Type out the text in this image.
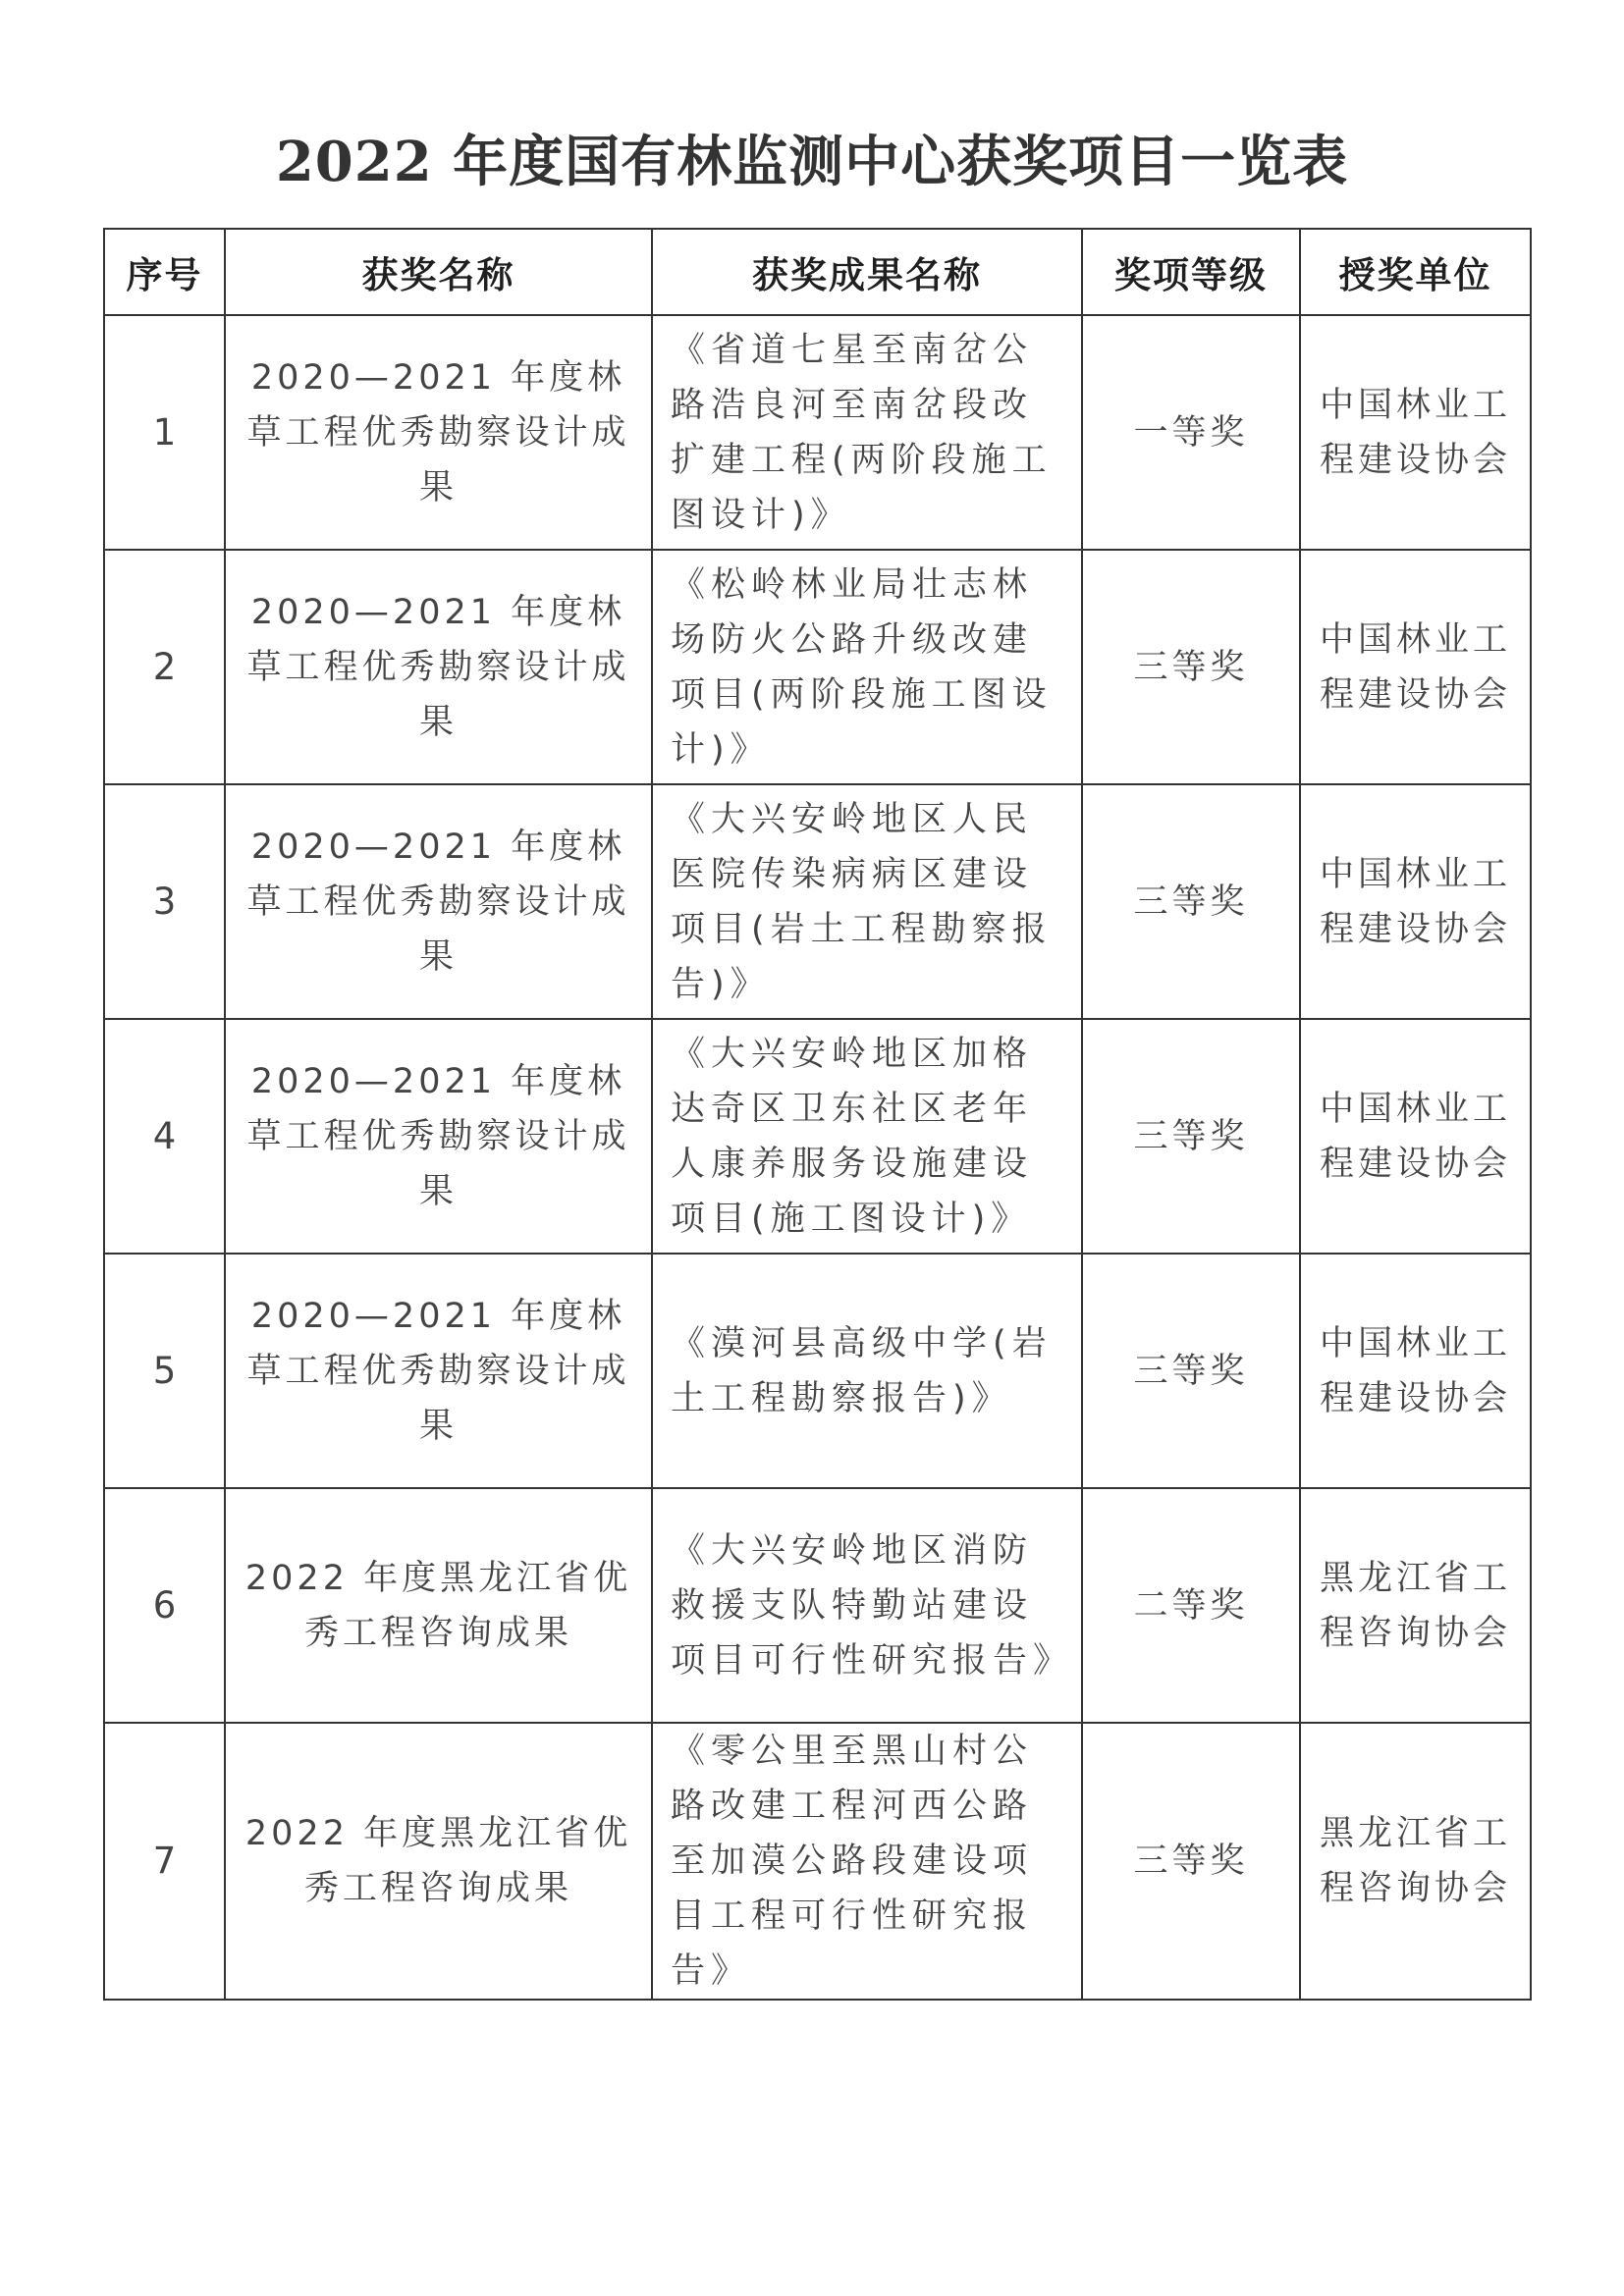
2022 年度国有林监测中心获奖项目一览表
序号	获奖名称	获奖成果名称	奖项等级	授奖单位
1	2020—2021 年度林草工程优秀勘察设计成果	《省道七星至南岔公路浩良河至南岔段改扩建工程(两阶段施工图设计)》	一等奖	中国林业工程建设协会
2	2020—2021 年度林草工程优秀勘察设计成果	《松岭林业局壮志林场防火公路升级改建项目(两阶段施工图设计)》	三等奖	中国林业工程建设协会
3	2020—2021 年度林草工程优秀勘察设计成果	《大兴安岭地区人民医院传染病病区建设项目(岩土工程勘察报告)》	三等奖	中国林业工程建设协会
4	2020—2021 年度林草工程优秀勘察设计成果	《大兴安岭地区加格达奇区卫东社区老年人康养服务设施建设项目(施工图设计)》	三等奖	中国林业工程建设协会
5	2020—2021 年度林草工程优秀勘察设计成果	《漠河县高级中学(岩土工程勘察报告)》	三等奖	中国林业工程建设协会
6	2022 年度黑龙江省优秀工程咨询成果	《大兴安岭地区消防救援支队特勤站建设项目可行性研究报告》	二等奖	黑龙江省工程咨询协会
7	2022 年度黑龙江省优秀工程咨询成果	《零公里至黑山村公路改建工程河西公路至加漠公路段建设项目工程可行性研究报告》	三等奖	黑龙江省工程咨询协会
